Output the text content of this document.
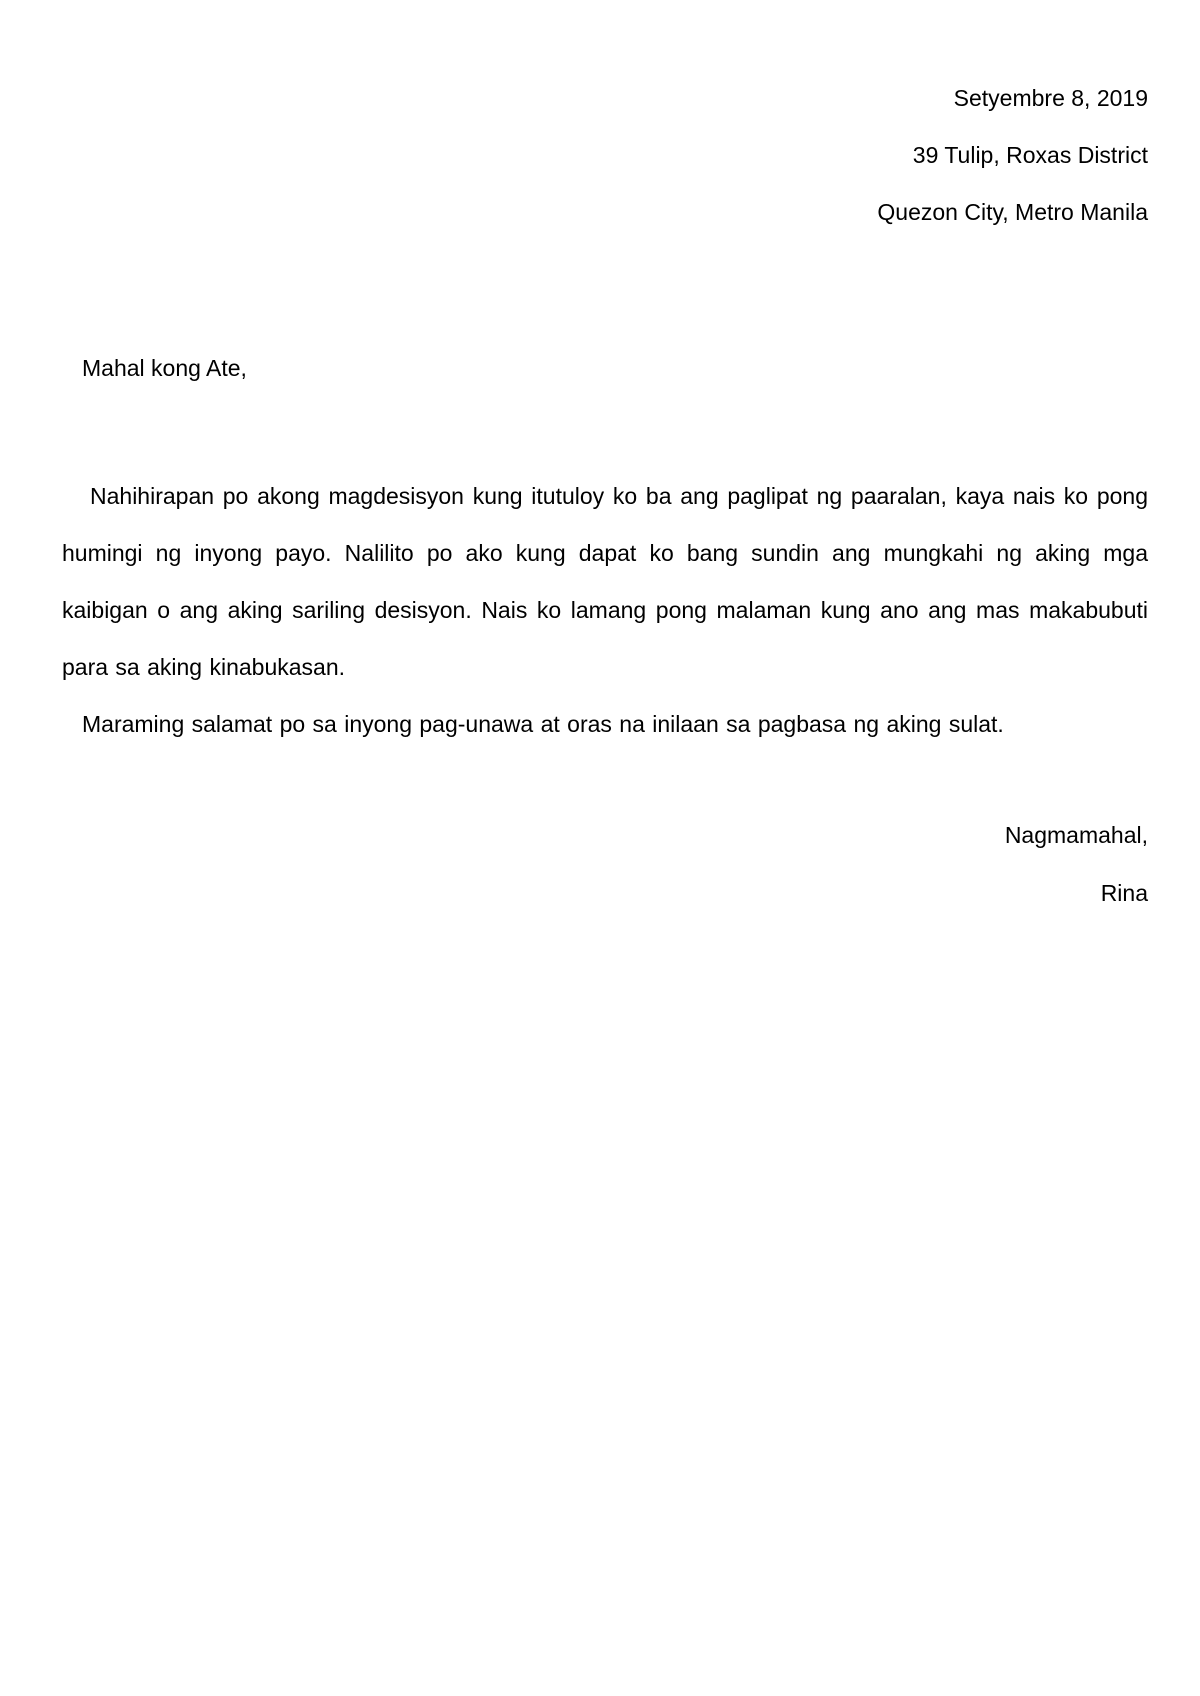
Setyembre 8, 2019
39 Tulip, Roxas District
Quezon City, Metro Manila
Mahal kong Ate,

Nahihirapan po akong magdesisyon kung itutuloy ko ba ang paglipat ng paaralan, kaya nais ko pong humingi ng inyong payo. Nalilito po ako kung dapat ko bang sundin ang mungkahi ng aking mga kaibigan o ang aking sariling desisyon. Nais ko lamang pong malaman kung ano ang mas makabubuti para sa aking kinabukasan.

Maraming salamat po sa inyong pag-unawa at oras na inilaan sa pagbasa ng aking sulat.

Nagmamahal,
Rina
